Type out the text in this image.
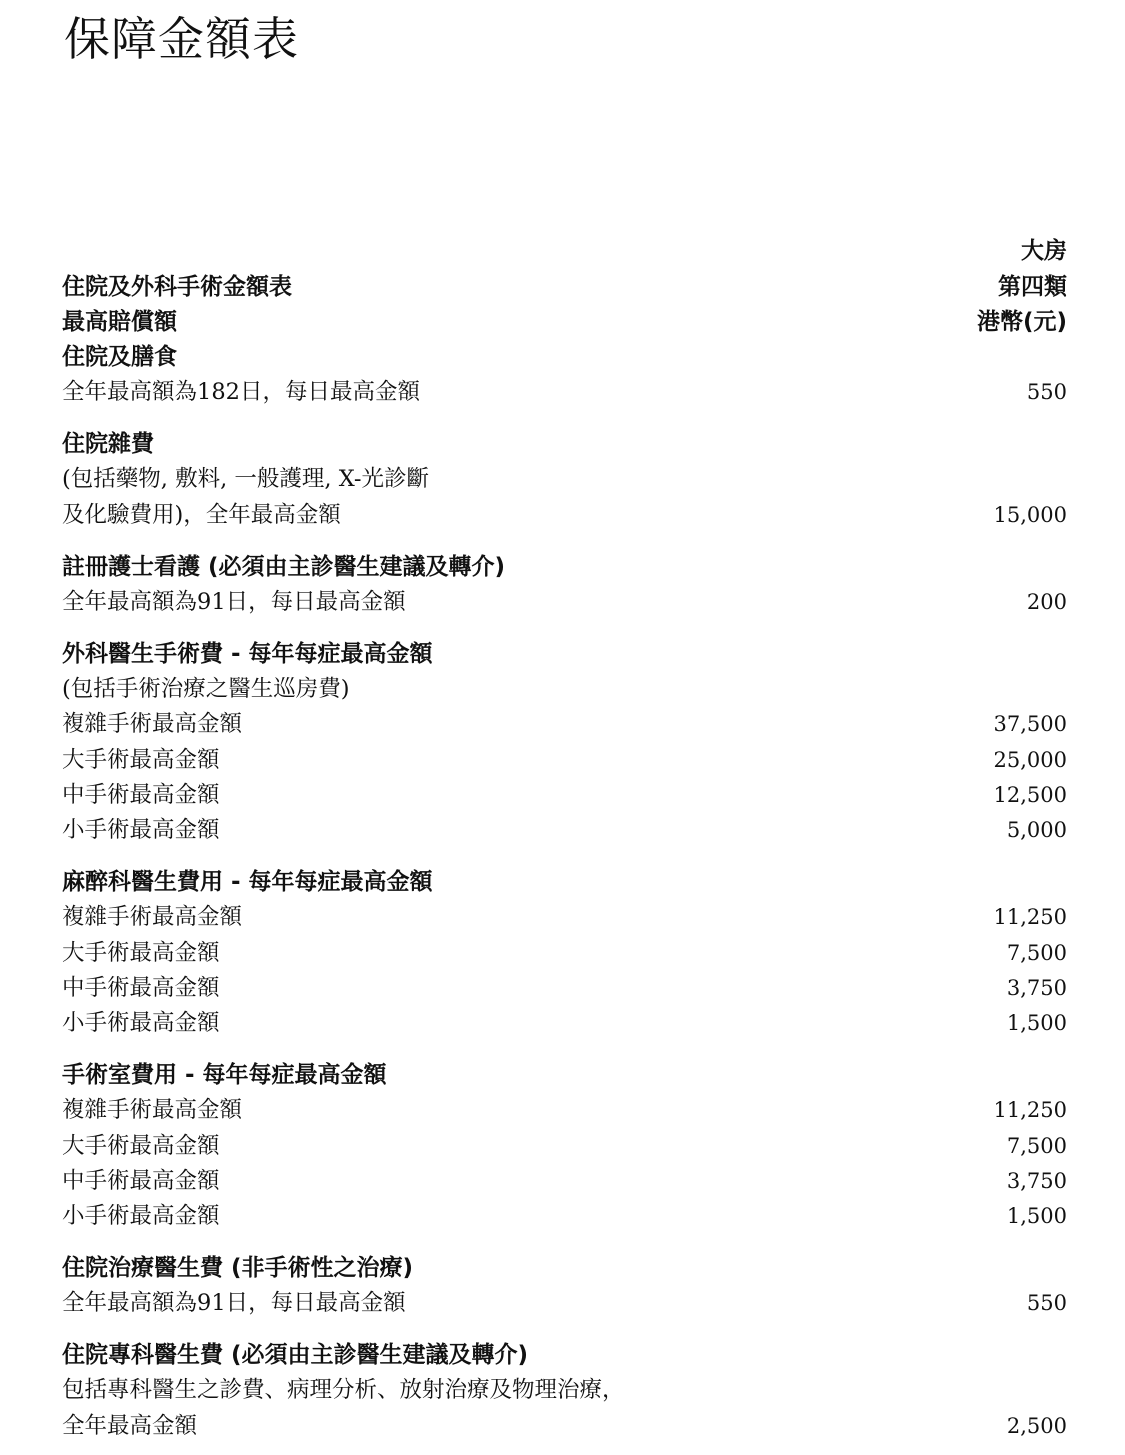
保障金額表
大房
第四類
港幣(元)
住院及外科手術金額表
最高賠償額
住院及膳食
全年最高額為182日，每日最高金額	550
住院雜費
(包括藥物, 敷料, 一般護理, X-光診斷
及化驗費用)，全年最高金額	15,000
註冊護士看護 (必須由主診醫生建議及轉介)
全年最高額為91日，每日最高金額	200
外科醫生手術費 - 每年每症最高金額
(包括手術治療之醫生巡房費)
複雜手術最高金額	37,500
大手術最高金額	25,000
中手術最高金額	12,500
小手術最高金額	5,000
麻醉科醫生費用 - 每年每症最高金額
複雜手術最高金額	11,250
大手術最高金額	7,500
中手術最高金額	3,750
小手術最高金額	1,500
手術室費用 - 每年每症最高金額
複雜手術最高金額	11,250
大手術最高金額	7,500
中手術最高金額	3,750
小手術最高金額	1,500
住院治療醫生費 (非手術性之治療)
全年最高額為91日，每日最高金額	550
住院專科醫生費 (必須由主診醫生建議及轉介)
包括專科醫生之診費、病理分析、放射治療及物理治療，
全年最高金額	2,500
